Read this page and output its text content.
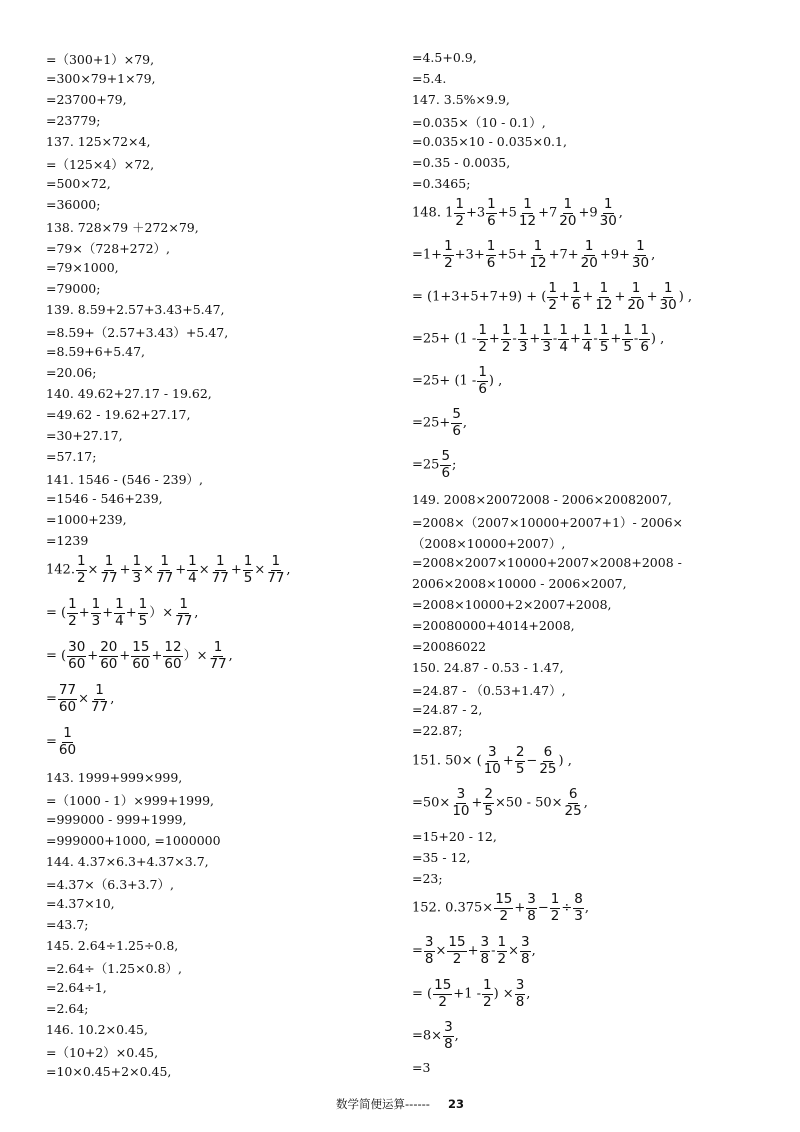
=（300+1）×79,
=300×79+1×79,
=23700+79,
=23779;
137. 125×72×4,
=（125×4）×72,
=500×72,
=36000;
138. 728×79 ＋272×79,
=79×（728+272）,
=79×1000,
=79000;
139. 8.59+2.57+3.43+5.47,
=8.59+（2.57+3.43）+5.47,
=8.59+6+5.47,
=20.06;
140. 49.62+27.17 - 19.62,
=49.62 - 19.62+27.17,
=30+27.17,
=57.17;
141. 1546 - (546 - 239）,
=1546 - 546+239,
=1000+239,
=1239
142. $\frac{1}{2} \times \frac{1}{77} + \frac{1}{3} \times \frac{1}{77} + \frac{1}{4} \times \frac{1}{77} + \frac{1}{5} \times \frac{1}{77}$ ,
= ( $\frac{1}{2} + \frac{1}{3} + \frac{1}{4} + \frac{1}{5}$ ）× $\frac{1}{77}$ ,
= ( $\frac{30}{60} + \frac{20}{60} + \frac{15}{60} + \frac{12}{60}$ ）× $\frac{1}{77}$ ,
= $\frac{77}{60} \times \frac{1}{77}$ ,
= $\frac{1}{60}$
143. 1999+999×999,
=（1000 - 1）×999+1999,
=999000 - 999+1999,
=999000+1000, =1000000
144. 4.37×6.3+4.37×3.7,
=4.37×（6.3+3.7）,
=4.37×10,
=43.7;
145. 2.64÷1.25÷0.8,
=2.64÷（1.25×0.8）,
=2.64÷1,
=2.64;
146. 10.2×0.45,
=（10+2）×0.45,
=10×0.45+2×0.45,
=4.5+0.9,
=5.4.
147. 3.5%×9.9,
=0.035×（10 - 0.1）,
=0.035×10 - 0.035×0.1,
=0.35 - 0.0035,
=0.3465;
148. $1 \frac{1}{2} +3 \frac{1}{6} +5 \frac{1}{12} +7 \frac{1}{20} +9 \frac{1}{30}$ ,
$=1+ \frac{1}{2} +3+ \frac{1}{6} +5+ \frac{1}{12} +7+ \frac{1}{20} +9+ \frac{1}{30}$ ,
= (1+3+5+7+9) + ( $\frac{1}{2} + \frac{1}{6} + \frac{1}{12} + \frac{1}{20} + \frac{1}{30}$ ) ,
$=25+ (1 - \frac{1}{2} + \frac{1}{2} - \frac{1}{3} + \frac{1}{3} - \frac{1}{4} + \frac{1}{4} - \frac{1}{5} + \frac{1}{5} - \frac{1}{6}$ ) ,
$=25+ (1 - \frac{1}{6}$ ) ,
$=25+ \frac{5}{6}$ ,
$=25 \frac{5}{6}$ ;
149. 2008×20072008 - 2006×20082007,
=2008×（2007×10000+2007+1）- 2006×
（2008×10000+2007）,
=2008×2007×10000+2007×2008+2008 -
2006×2008×10000 - 2006×2007,
=2008×10000+2×2007+2008,
=20080000+4014+2008,
=20086022
150. 24.87 - 0.53 - 1.47,
=24.87 - （0.53+1.47）,
=24.87 - 2,
=22.87;
151. 50× ( $\frac{3}{10} + \frac{2}{5} - \frac{6}{25}$ ) ,
$=50\times \frac{3}{10} + \frac{2}{5} \times 50 - 50\times \frac{6}{25}$ ,
=15+20 - 12,
=35 - 12,
=23;
152. $0.375\times \frac{15}{2} + \frac{3}{8} - \frac{1}{2} \div \frac{8}{3}$ ,
= $\frac{3}{8} \times \frac{15}{2} + \frac{3}{8} - \frac{1}{2} \times \frac{3}{8}$ ,
= ( $\frac{15}{2} +1 - \frac{1}{2}$ ) × $\frac{3}{8}$ ,
$=8\times \frac{3}{8}$ ,
=3
数学简便运算------ 23
